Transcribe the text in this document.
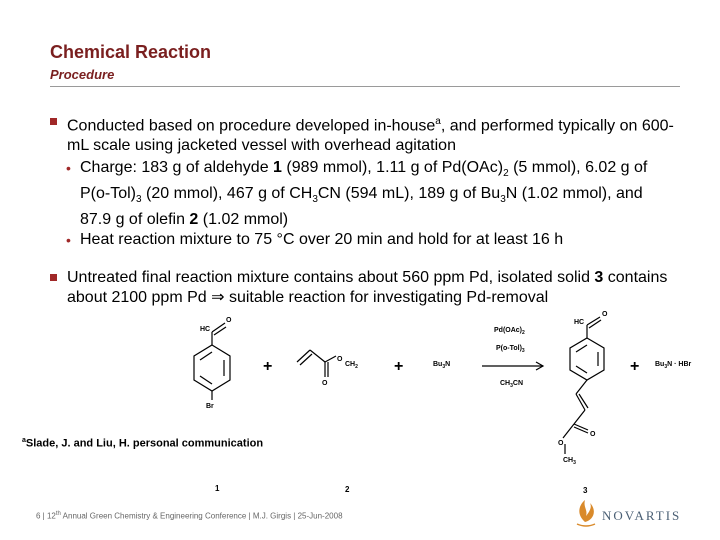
Chemical Reaction
Procedure
Conducted based on procedure developed in-house$^a$, and performed typically on 600-mL scale using jacketed vessel with overhead agitation
• Charge: 183 g of aldehyde 1 (989 mmol), 1.11 g of $Pd(OAc)_2$ (5 mmol), 6.02 g of $P(o-Tol)_3$ (20 mmol), 467 g of $CH_3CN$ (594 mL), 189 g of $Bu_3N$ (1.02 mmol), and 87.9 g of olefin 2 (1.02 mmol)
• Heat reaction mixture to 75 °C over 20 min and hold for at least 16 h
Untreated final reaction mixture contains about 560 ppm Pd, isolated solid 3 contains about 2100 ppm Pd ⇒ suitable reaction for investigating Pd-removal
HC
O
Br
O
O
$CH_2$	$Bu_3N$
$Pd(OAc)_2$
$P(o-Tol)_3$
$CH_3CN$
HC
O
O
O
$CH_3$
$Bu_3N$ · HBr
+	+	+
1	2	3
$^a$Slade, J. and Liu, H. personal communication
6 | 12th Annual Green Chemistry & Engineering Conference | M.J. Girgis | 25-Jun-2008	NOVARTIS
